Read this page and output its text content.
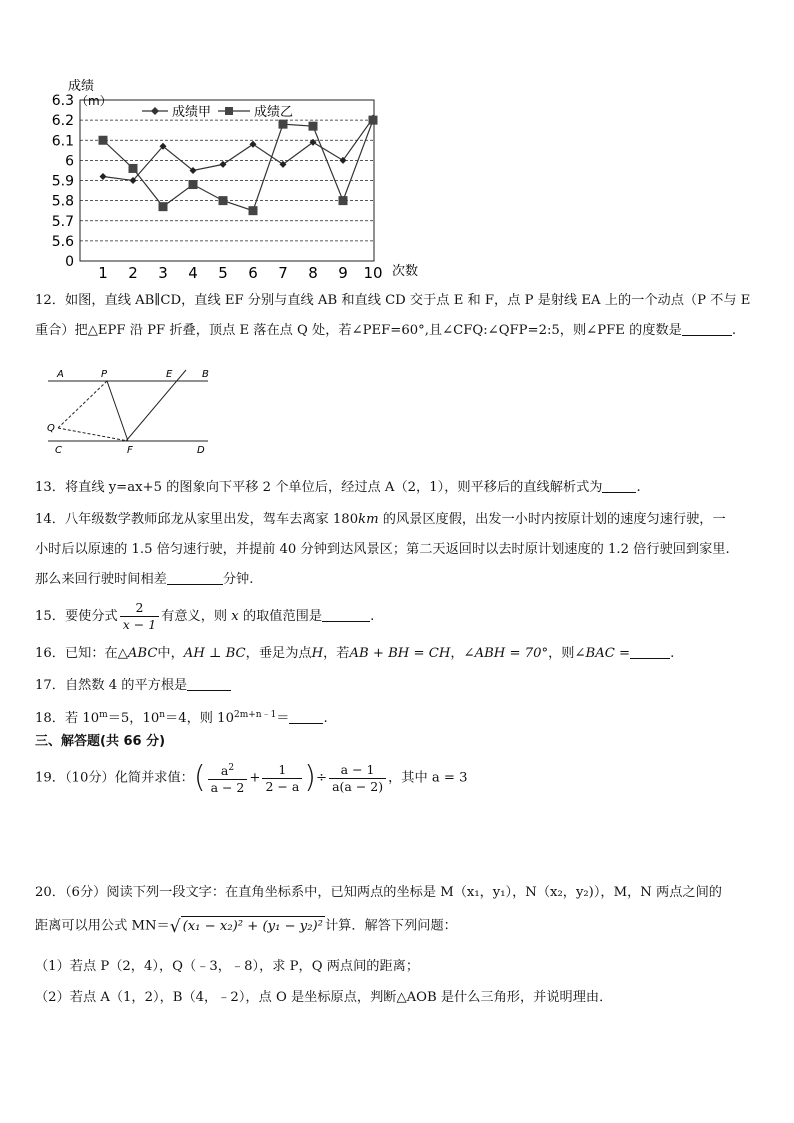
6.3
6.2
6.1
6
5.9
5.8
5.7
5.6
0
1 2 3 4 5 6 7 8 9 10
成绩
（m）
次数
成绩甲	成绩乙
12．如图，直线 AB∥CD，直线 EF 分别与直线 AB 和直线 CD 交于点 E 和 F，点 P 是射线 EA 上的一个动点（P 不与 E
重合）把△EPF 沿 PF 折叠，顶点 E 落在点 Q 处，若∠PEF=60°,且∠CFQ:∠QFP=2:5，则∠PFE 的度数是	.
A	P	E	B
Q
C	F	D
13．将直线 y=ax+5 的图象向下平移 2 个单位后，经过点 A（2，1），则平移后的直线解析式为	.
14．八年级数学教师邱龙从家里出发，驾车去离家 180km 的风景区度假，出发一小时内按原计划的速度匀速行驶，一
小时后以原速的 1.5 倍匀速行驶，并提前 40 分钟到达风景区；第二天返回时以去时原计划速度的 1.2 倍行驶回到家里.
那么来回行驶时间相差	分钟.
15．要使分式 $\frac{2}{x - 1}$ 有意义，则 x 的取值范围是	.
16．已知：在△ABC中，AH ⊥ BC，垂足为点H，若AB + BH = CH，∠ABH = 70°，则∠BAC =	.
17．自然数 4 的平方根是
18．若 $10^m=5$，$10^n=4$，则 $10^{2m+n﹣1}=$	.
三、解答题(共 66 分)
19．（10分）化简并求值：( $\frac{a^2}{a - 2} + \frac{1}{2 - a}$ )÷ $\frac{a - 1}{a(a - 2)}$ ，其中 a = 3
20．（6分）阅读下列一段文字：在直角坐标系中，已知两点的坐标是 M（x₁，y₁），N（x₂，y₂)），M，N 两点之间的
距离可以用公式 MN＝√ (x₁ − x₂)² + (y₁ − y₂)² 计算．解答下列问题：
（1）若点 P（2，4），Q（﹣3，﹣8），求 P，Q 两点间的距离；
（2）若点 A（1，2），B（4，﹣2），点 O 是坐标原点，判断△AOB 是什么三角形，并说明理由．
